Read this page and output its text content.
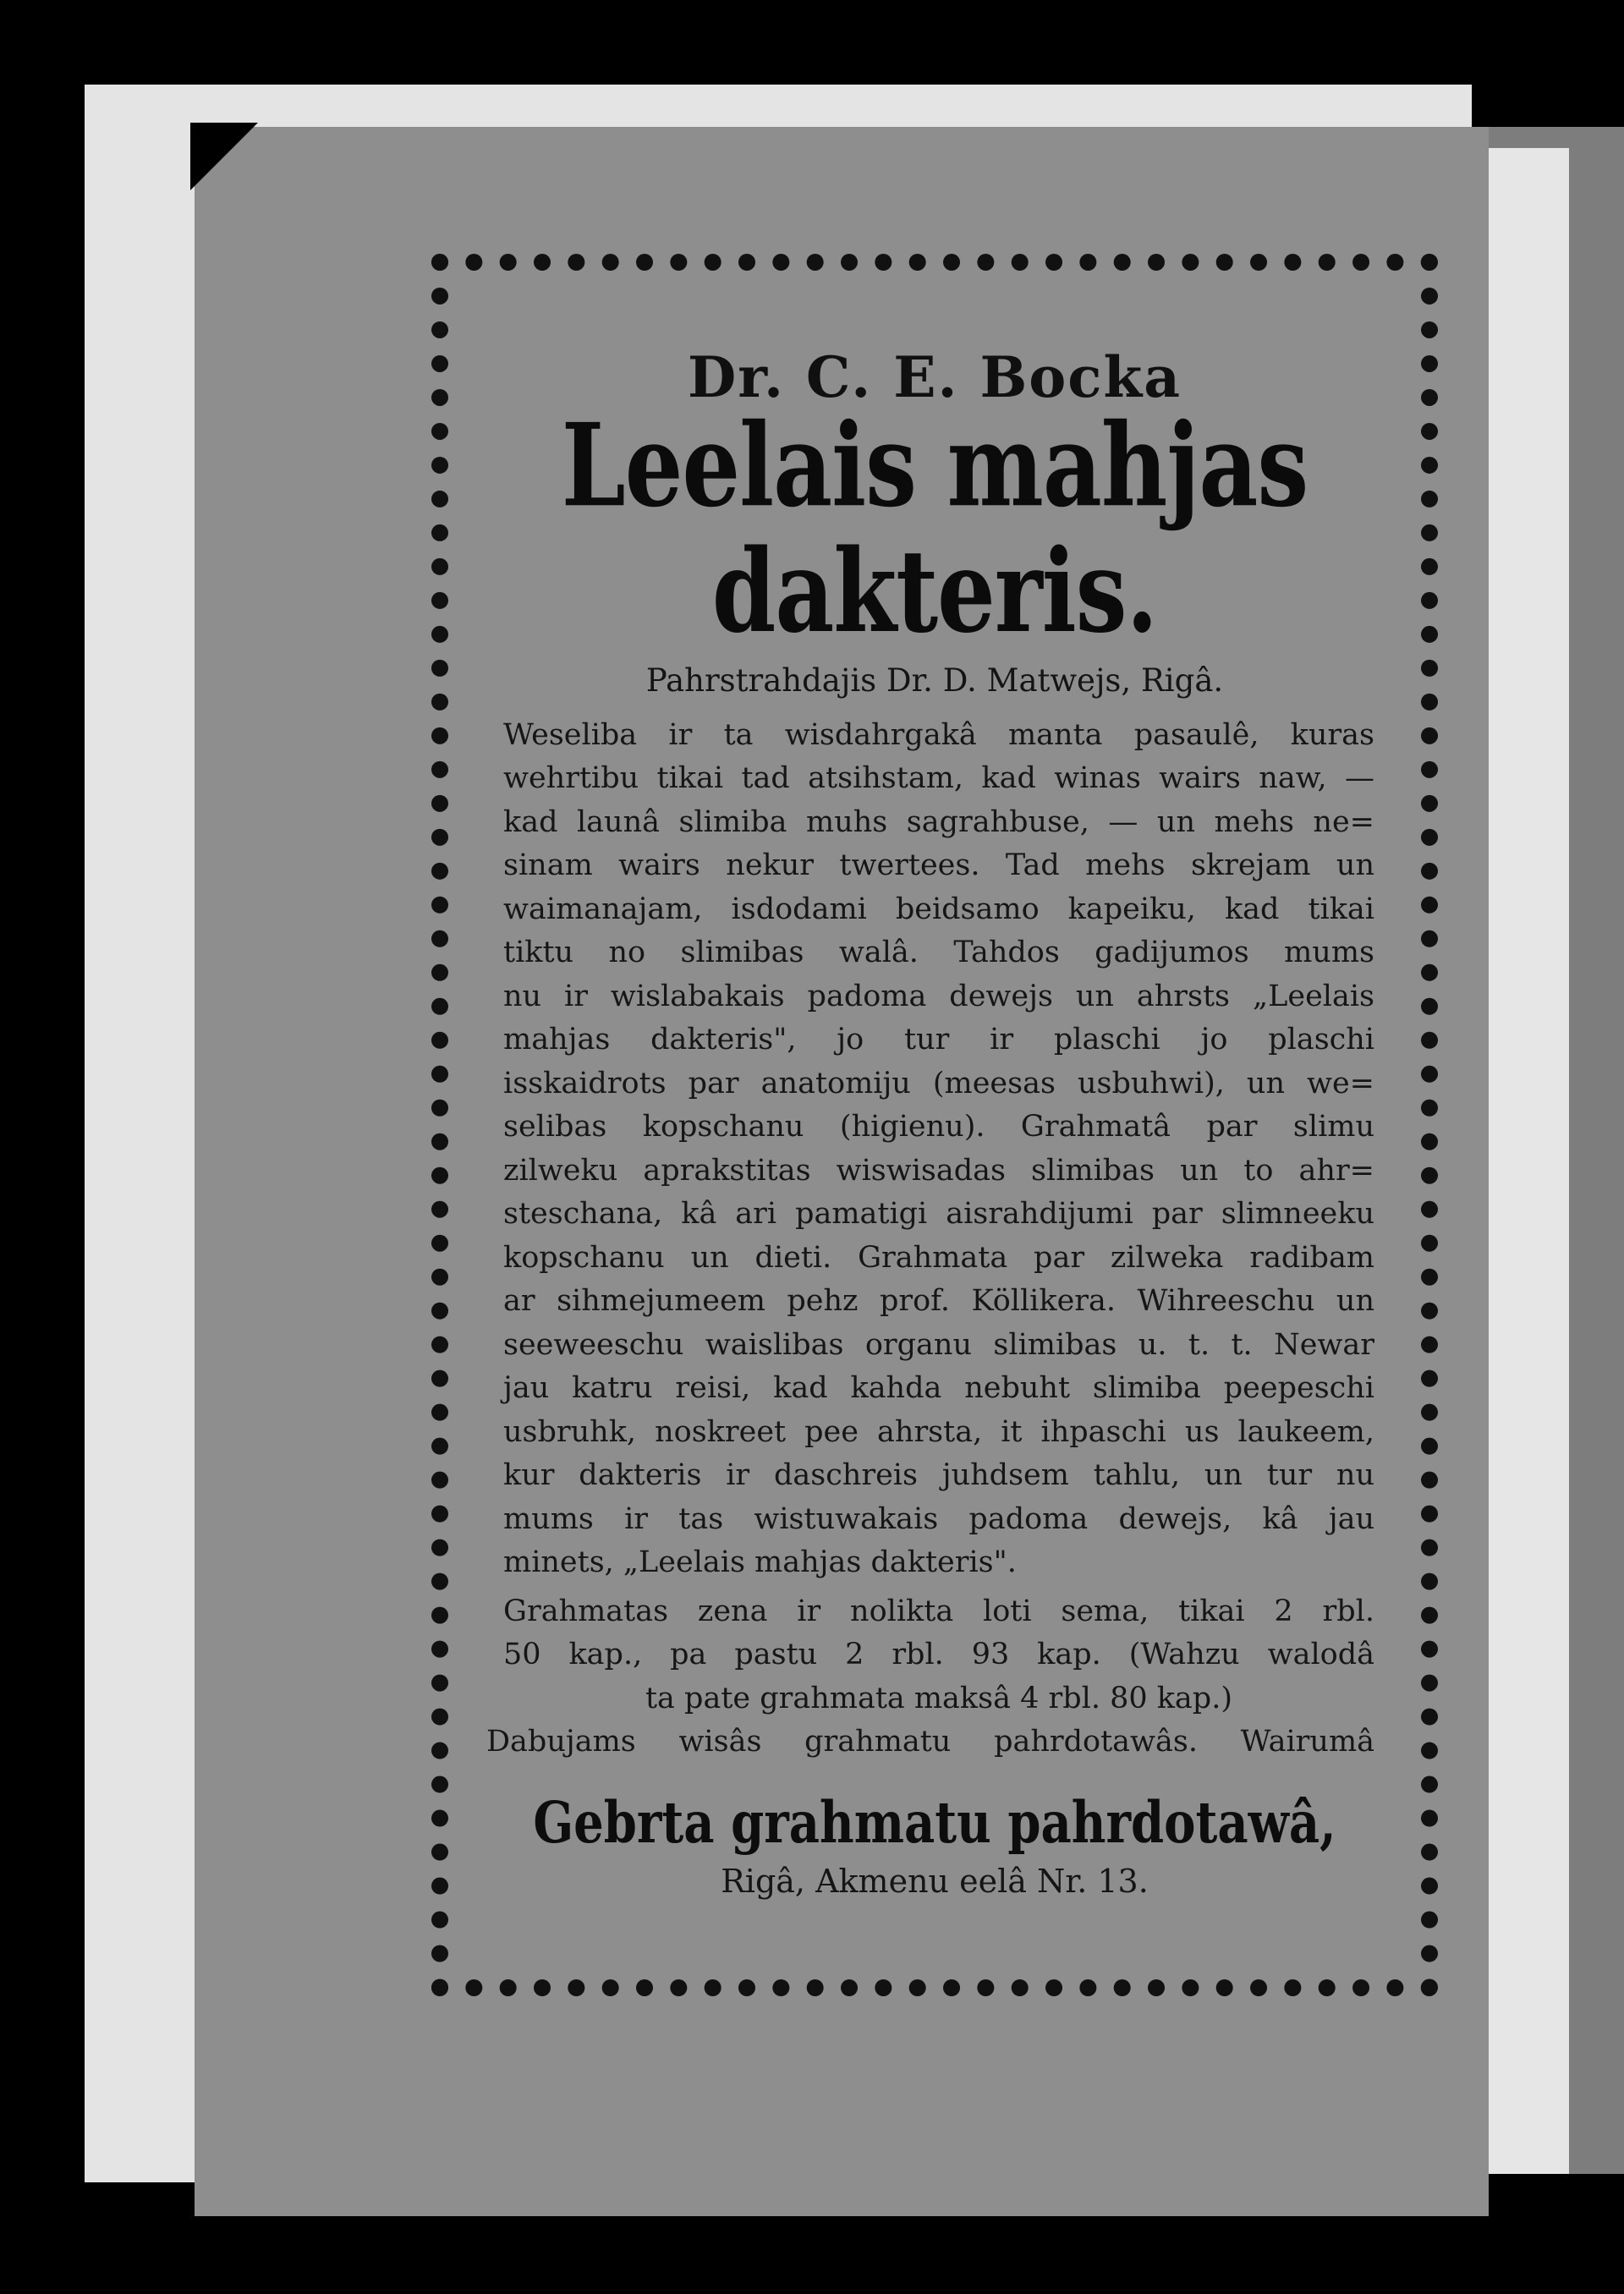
Dr. C. E. Bocka
Leelais mahjas dakteris.
Pahrstrahdajis Dr. D. Matwejs, Rigâ.
Weseliba ir ta wisdahrgakâ manta pasaulê, kuras
wehrtibu tikai tad atsihstam, kad winas wairs naw, —
kad launâ slimiba muhs sagrahbuse, — un mehs ne=
sinam wairs nekur twertees. Tad mehs skrejam un
waimanajam, isdodami beidsamo kapeiku, kad tikai
tiktu no slimibas walâ. Tahdos gadijumos mums
nu ir wislabakais padoma dewejs un ahrsts „Leelais
mahjas dakteris", jo tur ir plaschi jo plaschi
isskaidrots par anatomiju (meesas usbuhwi), un we=
selibas kopschanu (higienu). Grahmatâ par slimu
zilweku aprakstitas wiswisadas slimibas un to ahr=
steschana, kâ ari pamatigi aisrahdijumi par slimneeku
kopschanu un dieti. Grahmata par zilweka radibam
ar sihmejumeem pehz prof. Köllikera. Wihreeschu un
seeweeschu waislibas organu slimibas u. t. t. Newar
jau katru reisi, kad kahda nebuht slimiba peepeschi
usbruhk, noskreet pee ahrsta, it ihpaschi us laukeem,
kur dakteris ir daschreis juhdsem tahlu, un tur nu
mums ir tas wistuwakais padoma dewejs, kâ jau
minets, „Leelais mahjas dakteris".
Grahmatas zena ir nolikta loti sema, tikai 2 rbl.
50 kap., pa pastu 2 rbl. 93 kap. (Wahzu walodâ
ta pate grahmata maksâ 4 rbl. 80 kap.)
Dabujams wisâs grahmatu pahrdotawâs. Wairumâ
Gebrta grahmatu pahrdotawâ,
Rigâ, Akmenu eelâ Nr. 13.
